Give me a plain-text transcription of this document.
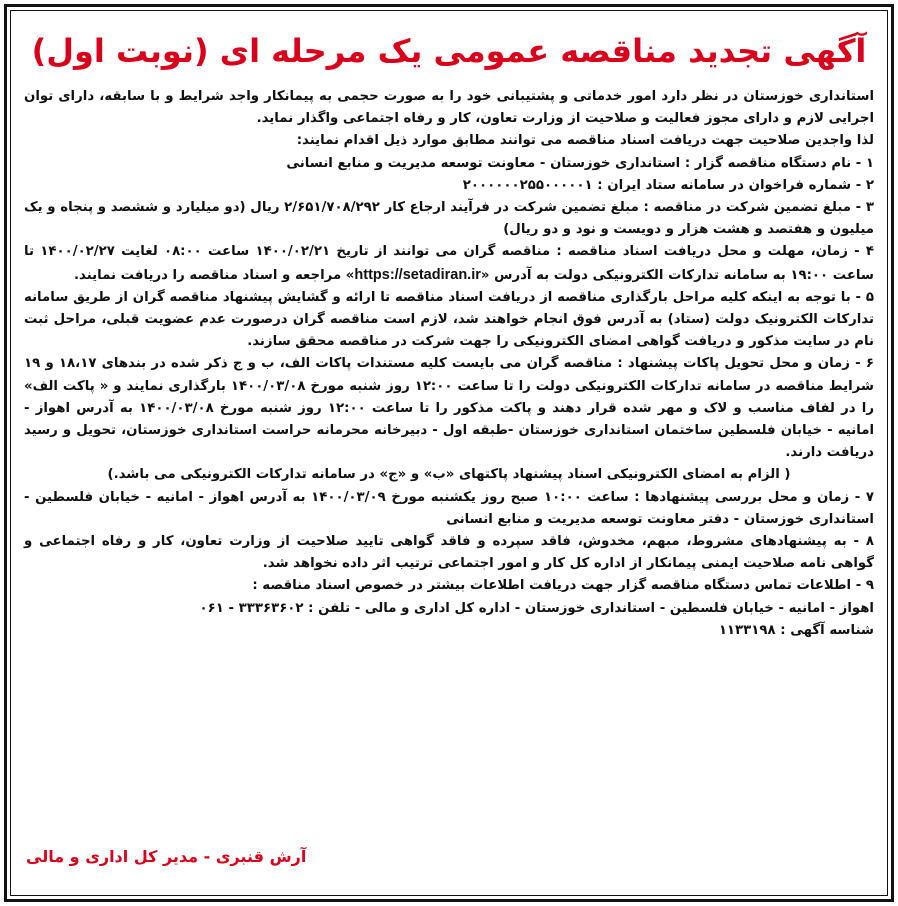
آگهی تجدید مناقصه عمومی یک مرحله ای (نوبت اول)

استانداری خوزستان در نظر دارد امور خدماتی و پشتیبانی خود را به صورت حجمی به پیمانکار واجد شرایط و با سابقه، دارای توان اجرایی لازم و دارای مجوز فعالیت و صلاحیت از وزارت تعاون، کار و رفاه اجتماعی واگذار نماید.

لذا واجدین صلاحیت جهت دریافت اسناد مناقصه می توانند مطابق موارد ذیل اقدام نمایند:

۱ - نام دستگاه مناقصه گزار : استانداری خوزستان - معاونت توسعه مدیریت و منابع انسانی

۲ - شماره فراخوان در سامانه ستاد ایران : ۲۰۰۰۰۰۰۲۵۵۰۰۰۰۰۱

۳ - مبلغ تضمین شرکت در مناقصه : مبلغ تضمین شرکت در فرآیند ارجاع کار ۲/۶۵۱/۷۰۸/۲۹۲ ریال (دو میلیارد و ششصد و پنجاه و یک میلیون و هفتصد و هشت هزار و دویست و نود و دو ریال)

۴ - زمان، مهلت و محل دریافت اسناد مناقصه : مناقصه گران می توانند از تاریخ ۱۴۰۰/۰۲/۲۱ ساعت ۰۸:۰۰ لغایت ۱۴۰۰/۰۲/۲۷ تا ساعت ۱۹:۰۰ به سامانه تدارکات الکترونیکی دولت به آدرس «https://setadiran.ir» مراجعه و اسناد مناقصه را دریافت نمایند.

۵ - با توجه به اینکه کلیه مراحل بارگذاری مناقصه از دریافت اسناد مناقصه تا ارائه و گشایش پیشنهاد مناقصه گران از طریق سامانه تدارکات الکترونیک دولت (ستاد) به آدرس فوق انجام خواهند شد، لازم است مناقصه گران درصورت عدم عضویت قبلی، مراحل ثبت نام در سایت مذکور و دریافت گواهی امضای الکترونیکی را جهت شرکت در مناقصه محقق سازند.

۶ - زمان و محل تحویل پاکات پیشنهاد : مناقصه گران می بایست کلیه مستندات پاکات الف، ب و ج ذکر شده در بندهای ۱۸،۱۷ و ۱۹ شرایط مناقصه در سامانه تدارکات الکترونیکی دولت را تا ساعت ۱۲:۰۰ روز شنبه مورخ ۱۴۰۰/۰۳/۰۸ بارگذاری نمایند و « پاکت الف» را در لفاف مناسب و لاک و مهر شده قرار دهند و پاکت مذکور را تا ساعت ۱۲:۰۰ روز شنبه مورخ ۱۴۰۰/۰۳/۰۸ به آدرس اهواز - امانیه - خیابان فلسطین ساختمان استانداری خوزستان -طبقه اول - دبیرخانه محرمانه حراست استانداری خوزستان، تحویل و رسید دریافت دارند.

( الزام به امضای الکترونیکی اسناد پیشنهاد پاکتهای «ب» و «ج» در سامانه تدارکات الکترونیکی می باشد.)

۷ - زمان و محل بررسی پیشنهادها : ساعت ۱۰:۰۰ صبح روز یکشنبه مورخ ۱۴۰۰/۰۳/۰۹ به آدرس اهواز - امانیه - خیابان فلسطین - استانداری خوزستان - دفتر معاونت توسعه مدیریت و منابع انسانی

۸ - به پیشنهادهای مشروط، مبهم، مخدوش، فاقد سپرده و فاقد گواهی تایید صلاحیت از وزارت تعاون، کار و رفاه اجتماعی و گواهی نامه صلاحیت ایمنی پیمانکار از اداره کل کار و امور اجتماعی ترتیب اثر داده نخواهد شد.

۹ - اطلاعات تماس دستگاه مناقصه گزار جهت دریافت اطلاعات بیشتر در خصوص اسناد مناقصه :

اهواز - امانیه - خیابان فلسطین - استانداری خوزستان - اداره کل اداری و مالی - تلفن : ۳۳۳۶۳۶۰۲ - ۰۶۱

شناسه آگهی : ۱۱۳۳۱۹۸

آرش قنبری - مدیر کل اداری و مالی
